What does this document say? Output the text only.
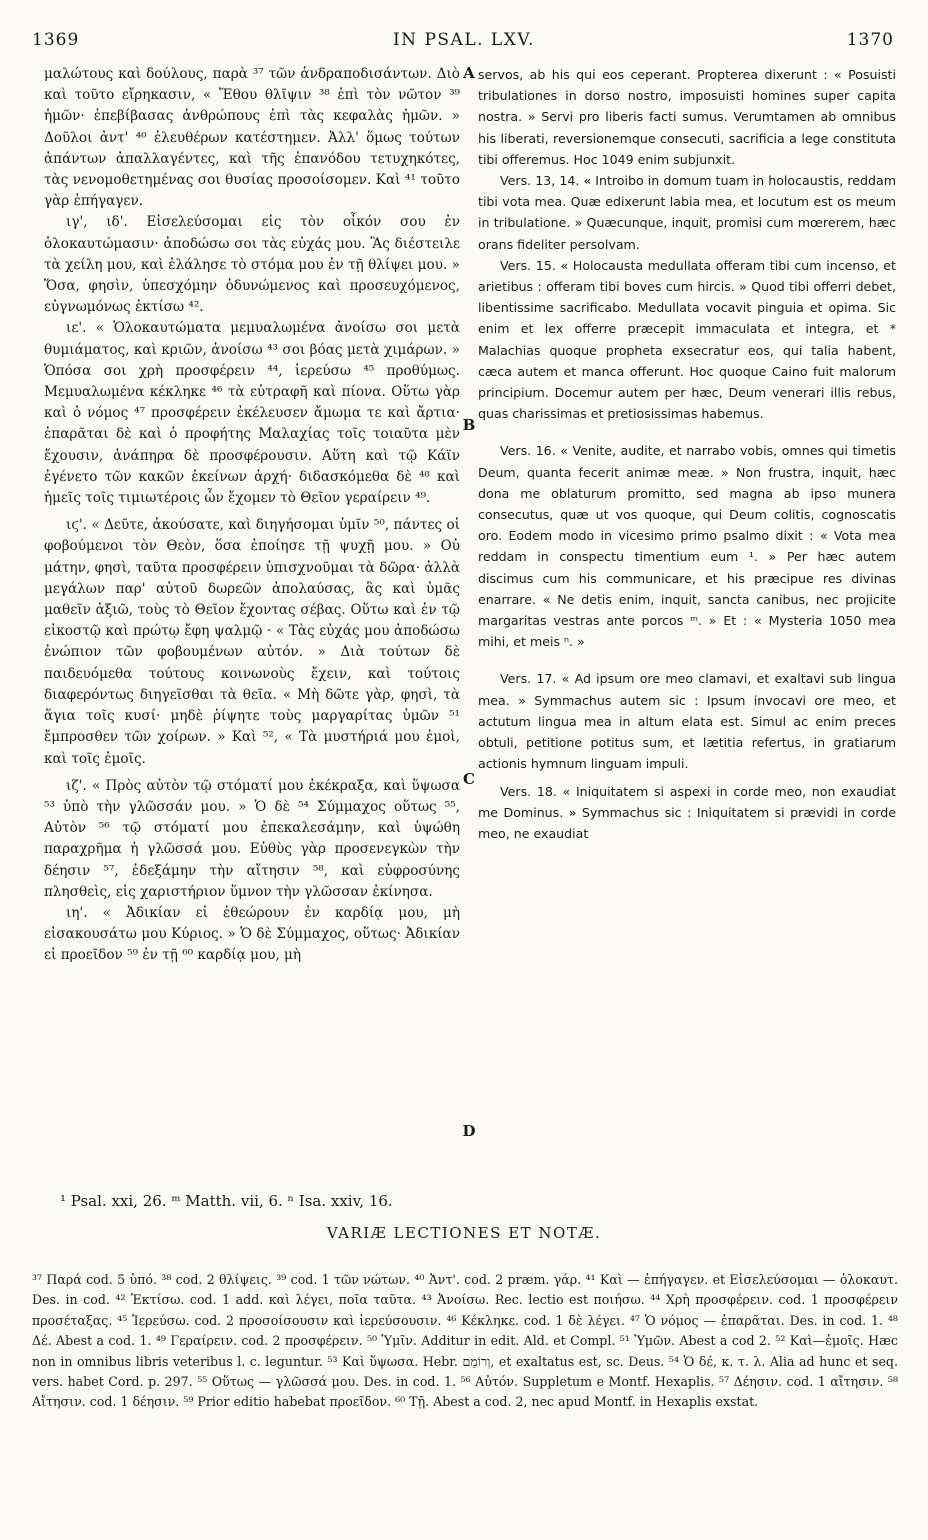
1369	IN PSAL. LXV.	1370

μαλώτους καὶ δούλους, παρὰ ³⁷ τῶν ἀνδραποδισάντων. Διὸ καὶ τοῦτο εἴρηκασιν, « Ἔθου θλῖψιν ³⁸ ἐπὶ τὸν νῶτον ³⁹ ἡμῶν· ἐπεβίβασας ἀνθρώπους ἐπὶ τὰς κεφαλὰς ἡμῶν. » Δοῦλοι ἀντ' ⁴⁰ ἐλευθέρων κατέστημεν. Ἀλλ' ὅμως τούτων ἁπάντων ἀπαλλαγέντες, καὶ τῆς ἐπανόδου τετυχηκότες, τὰς νενομοθετημένας σοι θυσίας προσοίσομεν. Καὶ ⁴¹ τοῦτο γὰρ ἐπήγαγεν.

ιγ', ιδ'. Εἰσελεύσομαι εἰς τὸν οἶκόν σου ἐν ὁλοκαυτώμασιν· ἀποδώσω σοι τὰς εὐχάς μου. Ἃς διέστειλε τὰ χείλη μου, καὶ ἐλάλησε τὸ στόμα μου ἐν τῇ θλίψει μου. » Ὅσα, φησὶν, ὑπεσχόμην ὀδυνώμενος καὶ προσευχόμενος, εὐγνωμόνως ἐκτίσω ⁴².

ιε'. « Ὁλοκαυτώματα μεμυαλωμένα ἀνοίσω σοι μετὰ θυμιάματος, καὶ κριῶν, ἀνοίσω ⁴³ σοι βόας μετὰ χιμάρων. » Ὁπόσα σοι χρὴ προσφέρειν ⁴⁴, ἱερεύσω ⁴⁵ προθύμως. Μεμυαλωμένα κέκληκε ⁴⁶ τὰ εὐτραφῆ καὶ πίονα. Οὕτω γὰρ καὶ ὁ νόμος ⁴⁷ προσφέρειν ἐκέλευσεν ἄμωμα τε καὶ ἄρτια· ἐπαρᾶται δὲ καὶ ὁ προφήτης Μαλαχίας τοῖς τοιαῦτα μὲν ἔχουσιν, ἀνάπηρα δὲ προσφέρουσιν. Αὕτη καὶ τῷ Κάϊν ἐγένετο τῶν κακῶν ἐκείνων ἀρχή· διδασκόμεθα δὲ ⁴⁸ καὶ ἡμεῖς τοῖς τιμιωτέροις ὧν ἔχομεν τὸ Θεῖον γεραίρειν ⁴⁹.

ιϛ'. « Δεῦτε, ἀκούσατε, καὶ διηγήσομαι ὑμῖν ⁵⁰, πάντες οἱ φοβούμενοι τὸν Θεὸν, ὅσα ἐποίησε τῇ ψυχῇ μου. » Οὐ μάτην, φησὶ, ταῦτα προσφέρειν ὑπισχνοῦμαι τὰ δῶρα· ἀλλὰ μεγάλων παρ' αὐτοῦ δωρεῶν ἀπολαύσας, ἃς καὶ ὑμᾶς μαθεῖν ἀξιῶ, τοὺς τὸ Θεῖον ἔχοντας σέβας. Οὕτω καὶ ἐν τῷ εἰκοστῷ καὶ πρώτῳ ἔφη ψαλμῷ · « Τὰς εὐχάς μου ἀποδώσω ἐνώπιον τῶν φοβουμένων αὐτόν. » Διὰ τούτων δὲ παιδευόμεθα τούτους κοινωνοὺς ἔχειν, καὶ τούτοις διαφερόντως διηγεῖσθαι τὰ θεῖα. « Μὴ δῶτε γὰρ, φησὶ, τὰ ἅγια τοῖς κυσί· μηδὲ ῥίψητε τοὺς μαργαρίτας ὑμῶν ⁵¹ ἔμπροσθεν τῶν χοίρων. » Καὶ ⁵², « Τὰ μυστήριά μου ἐμοὶ, καὶ τοῖς ἐμοῖς.

ιζ'. « Πρὸς αὐτὸν τῷ στόματί μου ἐκέκραξα, καὶ ὕψωσα ⁵³ ὑπὸ τὴν γλῶσσάν μου. » Ὁ δὲ ⁵⁴ Σύμμαχος οὕτως ⁵⁵, Αὐτὸν ⁵⁶ τῷ στόματί μου ἐπεκαλεσάμην, καὶ ὑψώθη παραχρῆμα ἡ γλῶσσά μου. Εὐθὺς γὰρ προσενεγκὼν τὴν δέησιν ⁵⁷, ἐδεξάμην τὴν αἴτησιν ⁵⁸, καὶ εὐφροσύνης πλησθεὶς, εἰς χαριστήριον ὕμνον τὴν γλῶσσαν ἐκίνησα.

ιη'. « Ἀδικίαν εἰ ἐθεώρουν ἐν καρδίᾳ μου, μὴ εἰσακουσάτω μου Κύριος. » Ὁ δὲ Σύμμαχος, οὕτως· Ἀδικίαν εἰ προεῖδον ⁵⁹ ἐν τῇ ⁶⁰ καρδίᾳ μου, μὴ

A
B
C
D

servos, ab his qui eos ceperant. Propterea dixerunt : « Posuisti tribulationes in dorso nostro, imposuisti homines super capita nostra. » Servi pro liberis facti sumus. Verumtamen ab omnibus his liberati, reversionemque consecuti, sacrificia a lege constituta tibi offeremus. Hoc 1049 enim subjunxit.

Vers. 13, 14. « Introibo in domum tuam in holocaustis, reddam tibi vota mea. Quæ edixerunt labia mea, et locutum est os meum in tribulatione. » Quæcunque, inquit, promisi cum mœrerem, hæc orans fideliter persolvam.

Vers. 15. « Holocausta medullata offeram tibi cum incenso, et arietibus : offeram tibi boves cum hircis. » Quod tibi offerri debet, libentissime sacrificabo. Medullata vocavit pinguia et opima. Sic enim et lex offerre præcepit immaculata et integra, et * Malachias quoque propheta exsecratur eos, qui talia habent, cæca autem et manca offerunt. Hoc quoque Caino fuit malorum principium. Docemur autem per hæc, Deum venerari illis rebus, quas charissimas et pretiosissimas habemus.

Vers. 16. « Venite, audite, et narrabo vobis, omnes qui timetis Deum, quanta fecerit animæ meæ. » Non frustra, inquit, hæc dona me oblaturum promitto, sed magna ab ipso munera consecutus, quæ ut vos quoque, qui Deum colitis, cognoscatis oro. Eodem modo in vicesimo primo psalmo dixit : « Vota mea reddam in conspectu timentium eum ¹. » Per hæc autem discimus cum his communicare, et his præcipue res divinas enarrare. « Ne detis enim, inquit, sancta canibus, nec projicite margaritas vestras ante porcos ᵐ. » Et : « Mysteria 1050 mea mihi, et meis ⁿ. »

Vers. 17. « Ad ipsum ore meo clamavi, et exaltavi sub lingua mea. » Symmachus autem sic : Ipsum invocavi ore meo, et actutum lingua mea in altum elata est. Simul ac enim preces obtuli, petitione potitus sum, et lætitia refertus, in gratiarum actionis hymnum linguam impuli.

Vers. 18. « Iniquitatem si aspexi in corde meo, non exaudiat me Dominus. » Symmachus sic : Iniquitatem si prævidi in corde meo, ne exaudiat

¹ Psal. xxi, 26. ᵐ Matth. vii, 6. ⁿ Isa. xxiv, 16.
VARIÆ LECTIONES ET NOTÆ.

³⁷ Παρά cod. 5 ὑπό. ³⁸ cod. 2 θλίψεις. ³⁹ cod. 1 τῶν νώτων. ⁴⁰ Ἀντ'. cod. 2 præm. γάρ. ⁴¹ Καὶ — ἐπήγαγεν. et Εἰσελεύσομαι — ὁλοκαυτ. Des. in cod. ⁴² Ἐκτίσω. cod. 1 add. καὶ λέγει, ποῖα ταῦτα. ⁴³ Ἀνοίσω. Rec. lectio est ποιήσω. ⁴⁴ Χρὴ προσφέρειν. cod. 1 προσφέρειν προσέταξας. ⁴⁵ Ἱερεύσω. cod. 2 προσοίσουσιν καὶ ἱερεύσουσιν. ⁴⁶ Κέκληκε. cod. 1 δὲ λέγει. ⁴⁷ Ὁ νόμος — ἐπαρᾶται. Des. in cod. 1. ⁴⁸ Δέ. Abest a cod. 1. ⁴⁹ Γεραίρειν. cod. 2 προσφέρειν. ⁵⁰ Ὑμῖν. Additur in edit. Ald. et Compl. ⁵¹ Ὑμῶν. Abest a cod 2. ⁵² Καὶ—ἐμοῖς. Hæc non in omnibus libris veteribus l. c. leguntur. ⁵³ Καὶ ὕψωσα. Hebr. וְרוֹמַם, et exaltatus est, sc. Deus. ⁵⁴ Ὁ δέ, κ. τ. λ. Alia ad hunc et seq. vers. habet Cord. p. 297. ⁵⁵ Οὕτως — γλῶσσά μου. Des. in cod. 1. ⁵⁶ Αὐτόν. Suppletum e Montf. Hexaplis. ⁵⁷ Δέησιν. cod. 1 αἴτησιν. ⁵⁸ Αἴτησιν. cod. 1 δέησιν. ⁵⁹ Prior editio habebat προεῖδον. ⁶⁰ Τῇ. Abest a cod. 2, nec apud Montf. in Hexaplis exstat.
